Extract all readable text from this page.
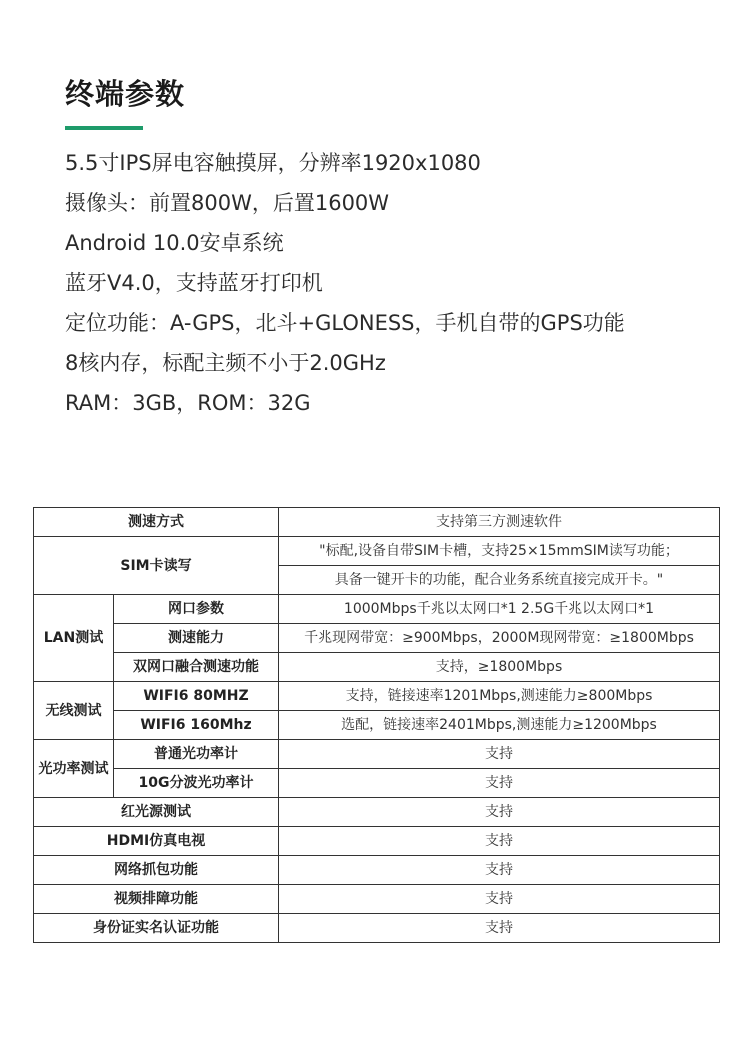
终端参数
5.5寸IPS屏电容触摸屏，分辨率1920x1080
摄像头：前置800W，后置1600W
Android 10.0安卓系统
蓝牙V4.0，支持蓝牙打印机
定位功能：A-GPS，北斗+GLONESS，手机自带的GPS功能
8核内存，标配主频不小于2.0GHz
RAM：3GB，ROM：32G
测速方式		支持第三方测速软件
SIM卡读写		"标配,设备自带SIM卡槽，支持25×15mmSIM读写功能；
		具备一键开卡的功能，配合业务系统直接完成开卡。"
LAN测试	网口参数	1000Mbps千兆以太网口*1 2.5G千兆以太网口*1
	测速能力	千兆现网带宽：≥900Mbps，2000M现网带宽：≥1800Mbps
	双网口融合测速功能	支持，≥1800Mbps
无线测试	WIFI6 80MHZ	支持，链接速率1201Mbps,测速能力≥800Mbps
	WIFI6 160Mhz	选配，链接速率2401Mbps,测速能力≥1200Mbps
光功率测试	普通光功率计	支持
	10G分波光功率计	支持
红光源测试		支持
HDMI仿真电视		支持
网络抓包功能		支持
视频排障功能		支持
身份证实名认证功能		支持
